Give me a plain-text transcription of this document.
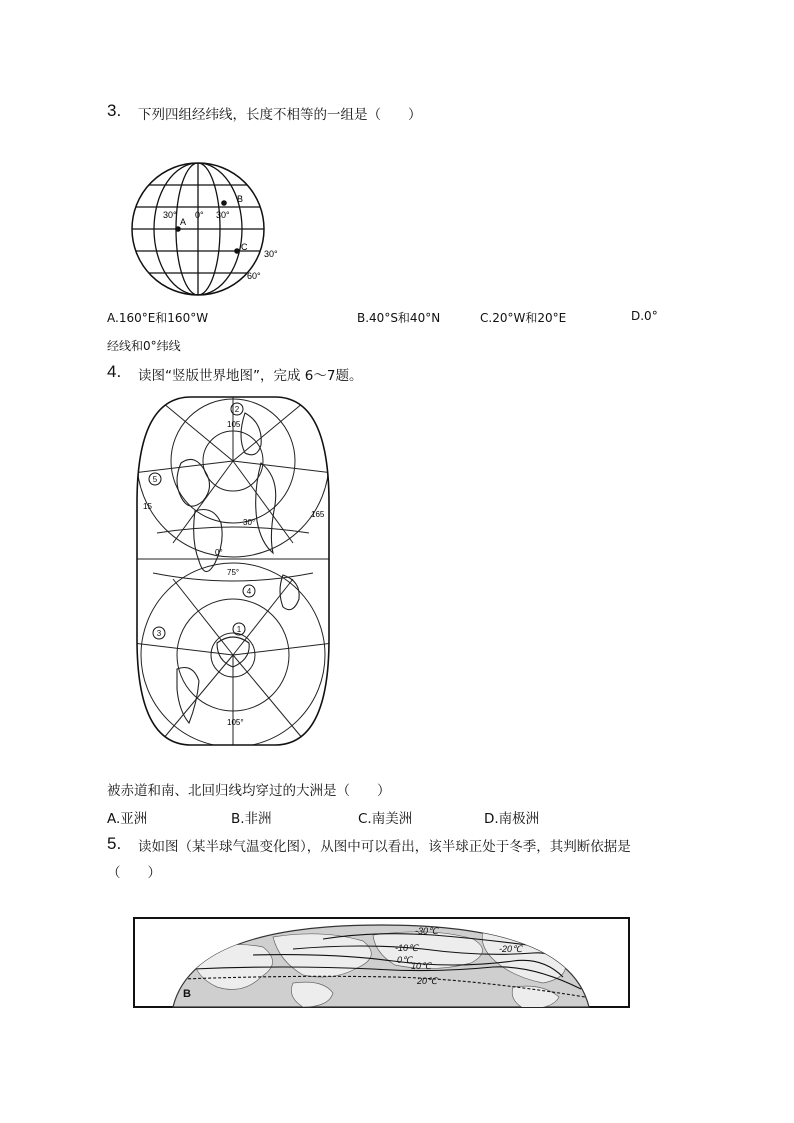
3. 下列四组经纬线，长度不相等的一组是（　　）
30°
A
0° 30°
B
C
30°
60°
A.160°E和160°W	B.40°S和40°N	C.20°W和20°E	D.0°
经线和0°纬线
4. 读图“竖版世界地图”，完成 6～7题。
2
5
4
3	1
105
15
165
30°
0°
75°
105°
被赤道和南、北回归线均穿过的大洲是（　　）
A.亚洲	B.非洲	C.南美洲	D.南极洲
5. 读如图（某半球气温变化图），从图中可以看出，该半球正处于冬季，其判断依据是
（　　）
-30℃
-20℃
-10℃
0℃
10℃
20℃
B
